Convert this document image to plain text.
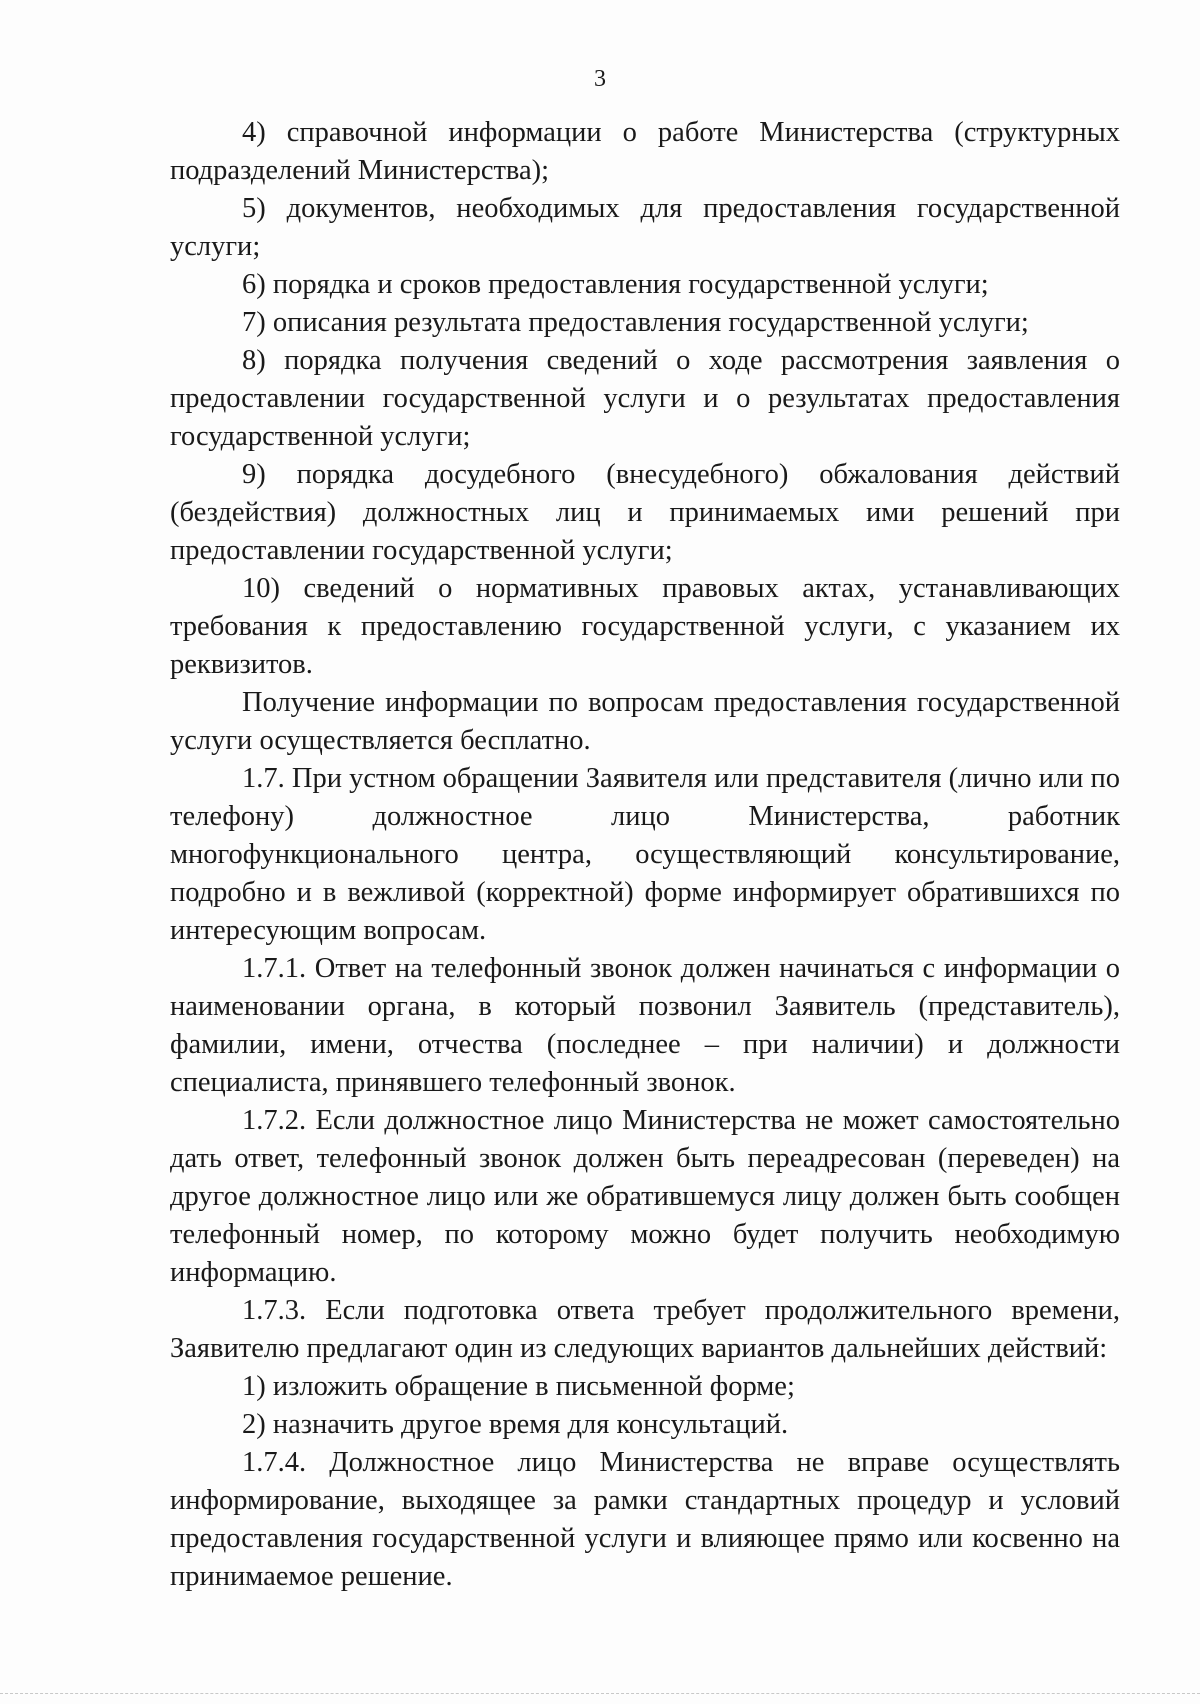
3

4) справочной информации о работе Министерства (структурных подразделений Министерства);

5) документов, необходимых для предоставления государственной услуги;

6) порядка и сроков предоставления государственной услуги;

7) описания результата предоставления государственной услуги;

8) порядка получения сведений о ходе рассмотрения заявления о предоставлении государственной услуги и о результатах предоставления государственной услуги;

9) порядка досудебного (внесудебного) обжалования действий (бездействия) должностных лиц и принимаемых ими решений при предоставлении государственной услуги;

10) сведений о нормативных правовых актах, устанавливающих требования к предоставлению государственной услуги, с указанием их реквизитов.

Получение информации по вопросам предоставления государственной услуги осуществляется бесплатно.

1.7. При устном обращении Заявителя или представителя (лично или по телефону) должностное лицо Министерства, работник многофункционального центра, осуществляющий консультирование, подробно и в вежливой (корректной) форме информирует обратившихся по интересующим вопросам.

1.7.1. Ответ на телефонный звонок должен начинаться с информации о наименовании органа, в который позвонил Заявитель (представитель), фамилии, имени, отчества (последнее – при наличии) и должности специалиста, принявшего телефонный звонок.

1.7.2. Если должностное лицо Министерства не может самостоятельно дать ответ, телефонный звонок должен быть переадресован (переведен) на другое должностное лицо или же обратившемуся лицу должен быть сообщен телефонный номер, по которому можно будет получить необходимую информацию.

1.7.3. Если подготовка ответа требует продолжительного времени, Заявителю предлагают один из следующих вариантов дальнейших действий:

1) изложить обращение в письменной форме;

2) назначить другое время для консультаций.

1.7.4. Должностное лицо Министерства не вправе осуществлять информирование, выходящее за рамки стандартных процедур и условий предоставления государственной услуги и влияющее прямо или косвенно на принимаемое решение.
